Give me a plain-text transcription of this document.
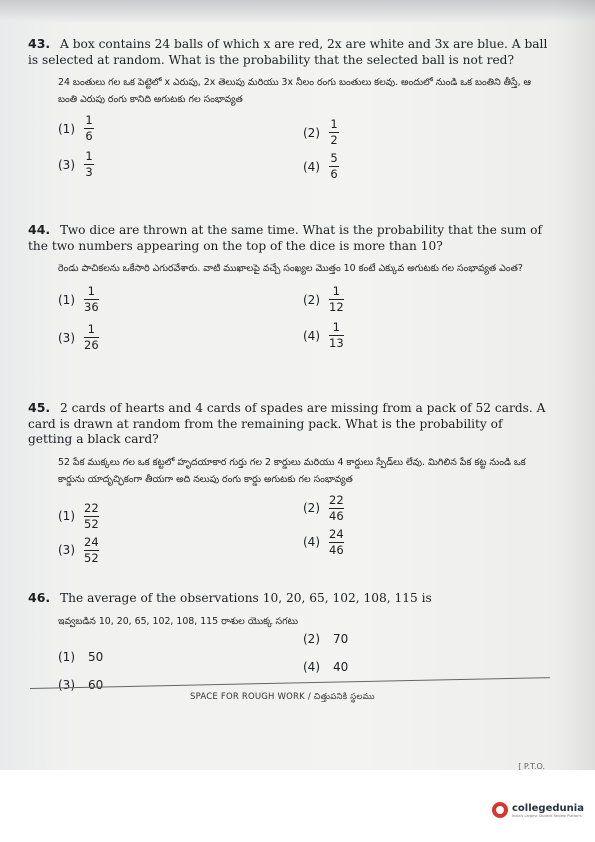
43. A box contains 24 balls of which x are red, 2x are white and 3x are blue. A ball is selected at random. What is the probability that the selected ball is not red?
24 బంతులు గల ఒక పెట్టెలో x ఎరుపు, 2x తెలుపు మరియు 3x నీలం రంగు బంతులు కలవు. అందులో నుండి ఒక బంతిని తీస్తే, ఆ బంతి ఎరుపు రంగు కానిది అగుటకు గల సంభావ్యత
$(1) \frac{1}{6}$	$(2) \frac{1}{2}$
$(3) \frac{1}{3}$	$(4) \frac{5}{6}$
44. Two dice are thrown at the same time. What is the probability that the sum of the two numbers appearing on the top of the dice is more than 10?
రెండు పాచికలను ఒకేసారి ఎగురవేశారు. వాటి ముఖాలపై వచ్చే సంఖ్యల మొత్తం 10 కంటే ఎక్కువ అగుటకు గల సంభావ్యత ఎంత?
$(1) \frac{1}{36}$	$(2) \frac{1}{12}$
$(3) \frac{1}{26}$	$(4) \frac{1}{13}$
45. 2 cards of hearts and 4 cards of spades are missing from a pack of 52 cards. A card is drawn at random from the remaining pack. What is the probability of getting a black card?
52 పేక ముక్కలు గల ఒక కట్టలో హృదయాకార గుర్తు గల 2 కార్డులు మరియు 4 కార్డులు స్పేడ్‌లు లేవు. మిగిలిన పేక కట్ట నుండి ఒక కార్డును యాదృచ్ఛికంగా తీయగా అది నలుపు రంగు కార్డు అగుటకు గల సంభావ్యత
$(1) \frac{22}{52}$	$(2) \frac{22}{46}$
$(3) \frac{24}{52}$	$(4) \frac{24}{46}$
46. The average of the observations 10, 20, 65, 102, 108, 115 is
ఇవ్వబడిన 10, 20, 65, 102, 108, 115 రాశుల యొక్క సగటు
(1)	50
(2)	70
(3)	60
(4)	40
SPACE FOR ROUGH WORK / చిత్తుపనికి స్థలము
[ P.T.O.
collegedunia
India's Largest Student Review Platform
